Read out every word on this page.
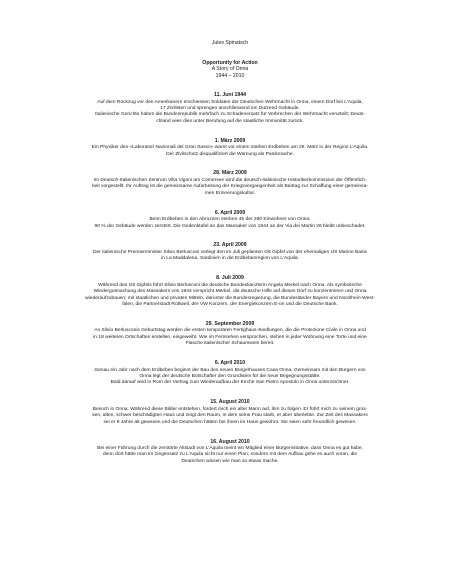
Jules Spinatsch
Opportunity for Action
A Story of Onna
1944 – 2010
11. Juni 1944
Auf dem Rückzug vor den Amerikanern erschiessen Soldaten der Deutschen Wehrmacht in Onna, einem Dorf bei L’Aquila,
17 Zivilisten und sprengen anschliessend ein Dutzend Gebäude.
Italienische Gerichte haben die Bundesrepublik mehrfach zu Schadenersatz für Verbrechen der Wehrmacht verurteilt; Deuts-
chland wies dies unter Berufung auf die staatliche Immunität zurück.
1. März 2009
Ein Physiker des «Laboratori Nazionali del Gran Sasso» warnt vor einem starken Erdbeben am 29. März in der Region L’Aquila.
Der Zivilschutz disqualifiziert die Warnung als Panikmache.
28. März 2009
Im Deutsch-Italienischen Zentrum Villa Vigoni am Comersee wird die deutsch-italienische Historikerkommission der Öffentlich-
keit vorgestellt. Ihr Auftrag ist die gemeinsame Aufarbeitung der Kriegsvergangenheit als Beitrag zur Schaffung einer gemeinsa-
men Erinnerungskultur.
6. April 2009
Beim Erdbeben in den Abruzzen sterben 45 der 280 Einwohner von Onna;
90 % der Gebäude werden zerstört. Die Gedenktafel an das Massaker von 1944 an der Via dei Martiri 26 bleibt unbeschadet.
23. April 2009
Der italienische Premierminister Silvio Berlusconi verlegt den im Juli geplanten G8 Gipfel von der ehemaligen US Marine Basis
in La Maddalena, Sardinien in die Erdbebenregion von L’Aquila.
8. Juli 2009
Während des G8 Gipfels führt Silvio Berlusconi die deutsche Bundeskanzlerin Angela Merkel nach Onna. Als symbolische
Wiedergutmachung des Massakers von 1944 verspricht Merkel, die deutsche Hilfe auf dieses Dorf zu konzentrieren und Onna
wiederaufzubauen; mit staatlichen und privaten Mitteln, darunter die Bundesregierung, die Bundesländer Bayern und Nordrhein-West-
falen, die Partnerstadt Rottweil, der VW Konzern, der Energiekonzern E-on und die Deutsche Bank.
29. September 2009
An Silvio Berlusconis Geburtstag werden die ersten temporären Fertighaus-Siedlungen, die die Protezione Civile in Onna und
in 18 weiteren Ortschaften erstellen, eingeweiht. Wie im Fernsehen versprochen, stehen in jeder Wohnung eine Torte und eine
Flasche italienischer Schaumwein bereit.
6. April 2010
Genau ein Jahr nach dem Erdbeben beginnt der Bau des neuen Bürgerhauses Casa Onna. Gemeinsam mit den Bürgern von
Onna legt der deutsche Botschafter den Grundstein für die neue Begegnungsstätte.
Bald darauf wird in Rom der Vertrag zum Wiederaufbau der Kirche San Pietro Apostolo in Onna unterzeichnet.
15. August 2010
Besuch in Onna. Während diese Bilder entstehen, fordert mich ein alter Mann auf, ihm zu folgen. Er führt mich zu seinem gros-
sen, alten, schwer beschädigten Haus und zeigt den Raum, in dem seine Frau starb, er aber überlebte. Zur Zeit des Massakers
sei er 8 Jahre alt gewesen und die Deutschen hätten bei ihnen im Haus gewohnt. Sie seien sehr freundlich gewesen.
16. August 2010
Bei einer Führung durch die zerstörte Altstadt von L’Aquila meint ein Mitglied einer Bürgerinitiative, dass Onna es gut habe,
denn dort hätte man im Gegensatz zu L’Aquila nicht nur einen Plan; sondern mit dem Aufbau gehe es auch voran, die
Deutschen wissen wie man so etwas mache.
